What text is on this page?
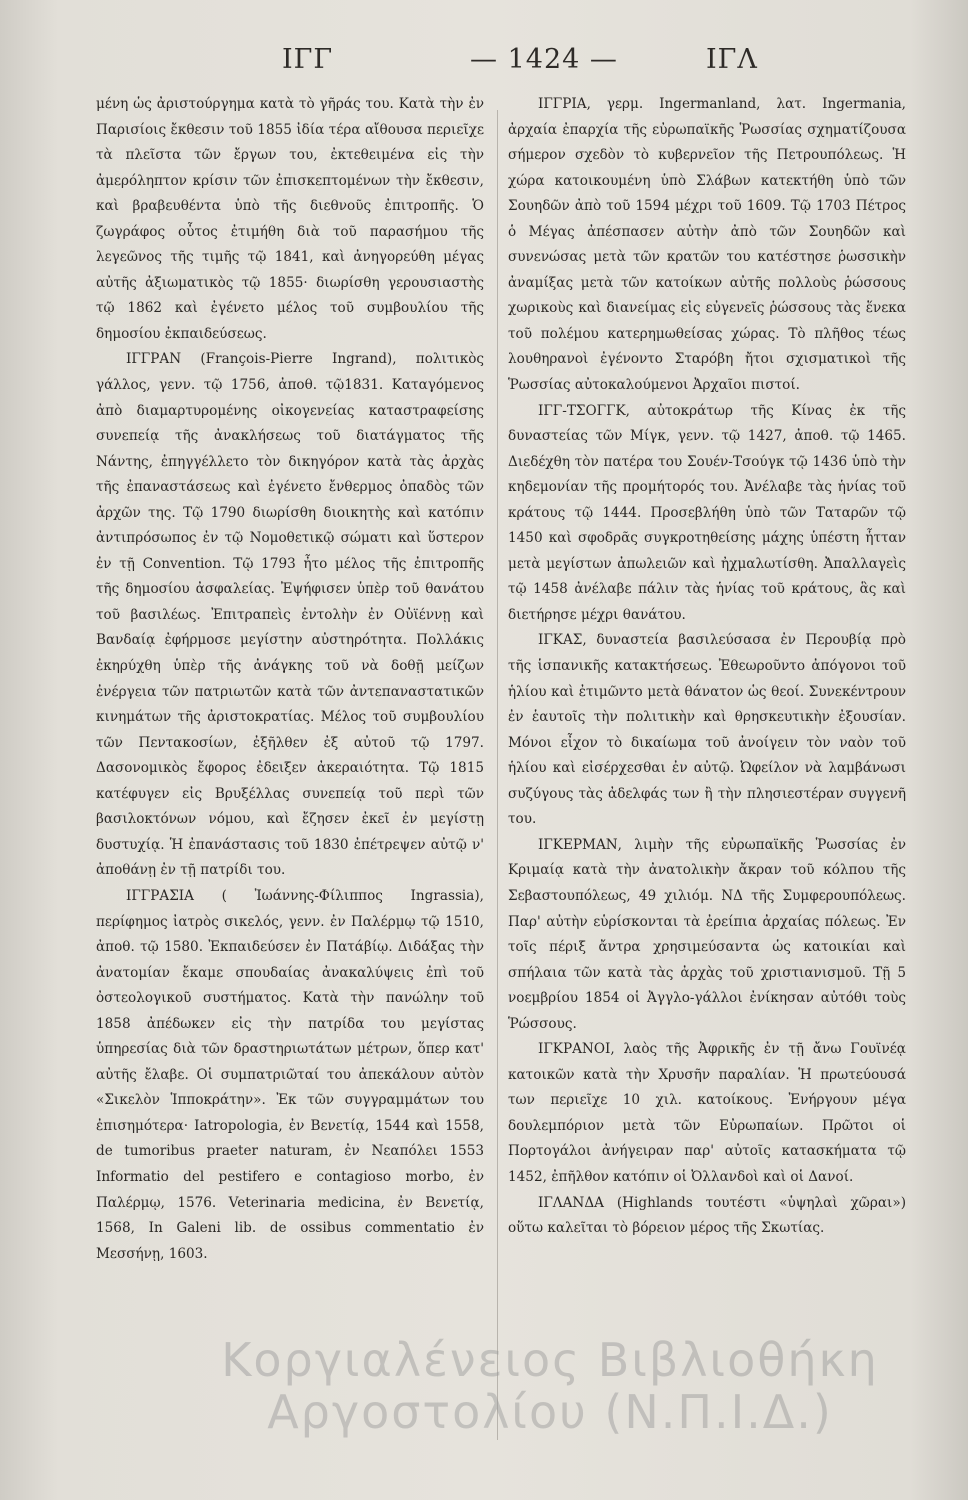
ΙΓΓ	— 1424 —	ΙΓΛ

μένη ὡς ἀριστούργημα κατὰ τὸ γῆράς του. Κατὰ τὴν ἐν Παρισίοις ἔκθεσιν τοῦ 1855 ἰδία τέρα αἴθουσα περιεῖχε τὰ πλεῖστα τῶν ἔργων του, ἐκτεθειμένα εἰς τὴν ἀμερόληπτον κρίσιν τῶν ἐπισκεπτομένων τὴν ἔκθεσιν, καὶ βραβευθέντα ὑπὸ τῆς διεθνοῦς ἐπιτροπῆς. Ὁ ζωγράφος οὗτος ἐτιμήθη διὰ τοῦ παρασήμου τῆς λεγεῶνος τῆς τιμῆς τῷ 1841, καὶ ἀνηγορεύθη μέγας αὐτῆς ἀξιωματικὸς τῷ 1855· διωρίσθη γερουσιαστὴς τῷ 1862 καὶ ἐγένετο μέλος τοῦ συμβουλίου τῆς δημοσίου ἐκπαιδεύσεως.

ΙΓΓΡΑΝ (François-Pierre Ingrand), πολιτικὸς γάλλος, γενν. τῷ 1756, ἀποθ. τῷ1831. Καταγόμενος ἀπὸ διαμαρτυρομένης οἰκογενείας καταστραφείσης συνεπείᾳ τῆς ἀνακλήσεως τοῦ διατάγματος τῆς Νάντης, ἐπηγγέλλετο τὸν δικηγόρον κατὰ τὰς ἀρχὰς τῆς ἐπαναστάσεως καὶ ἐγένετο ἔνθερμος ὀπαδὸς τῶν ἀρχῶν της. Τῷ 1790 διωρίσθη διοικητὴς καὶ κατόπιν ἀντιπρόσωπος ἐν τῷ Νομοθετικῷ σώματι καὶ ὕστερον ἐν τῇ Convention. Τῷ 1793 ἦτο μέλος τῆς ἐπιτροπῆς τῆς δημοσίου ἀσφαλείας. Ἐψήφισεν ὑπὲρ τοῦ θανάτου τοῦ βασιλέως. Ἐπιτραπεὶς ἐντολὴν ἐν Οὐϊέννῃ καὶ Βανδαίᾳ ἐφήρμοσε μεγίστην αὐστηρότητα. Πολλάκις ἐκηρύχθη ὑπὲρ τῆς ἀνάγκης τοῦ νὰ δοθῇ μείζων ἐνέργεια τῶν πατριωτῶν κατὰ τῶν ἀντεπαναστατικῶν κινημάτων τῆς ἀριστοκρατίας. Μέλος τοῦ συμβουλίου τῶν Πεντακοσίων, ἐξῆλθεν ἐξ αὐτοῦ τῷ 1797. Δασονομικὸς ἔφορος ἐδειξεν ἀκεραιότητα. Τῷ 1815 κατέφυγεν εἰς Βρυξέλλας συνεπείᾳ τοῦ περὶ τῶν βασιλοκτόνων νόμου, καὶ ἔζησεν ἐκεῖ ἐν μεγίστῃ δυστυχίᾳ. Ἡ ἐπανάστασις τοῦ 1830 ἐπέτρεψεν αὐτῷ ν' ἀποθάνῃ ἐν τῇ πατρίδι του.

ΙΓΓΡΑΣΙΑ ( Ἰωάννης-Φίλιππος Ingrassia), περίφημος ἰατρὸς σικελός, γενν. ἐν Παλέρμῳ τῷ 1510, ἀποθ. τῷ 1580. Ἐκπαιδεύσεν ἐν Πατάβίῳ. Διδάξας τὴν ἀνατομίαν ἔκαμε σπουδαίας ἀνακαλύψεις ἐπὶ τοῦ ὀστεολογικοῦ συστήματος. Κατὰ τὴν πανώλην τοῦ 1858 ἀπέδωκεν εἰς τὴν πατρίδα του μεγίστας ὑπηρεσίας διὰ τῶν δραστηριωτάτων μέτρων, ὅπερ κατ' αὐτῆς ἔλαβε. Οἱ συμπατριῶταί του ἀπεκάλουν αὐτὸν «Σικελὸν Ἱπποκράτην». Ἐκ τῶν συγγραμμάτων του ἐπισημότερα· Iatropologia, ἐν Βενετίᾳ, 1544 καὶ 1558, de tumoribus praeter naturam, ἐν Νεαπόλει 1553 Informatio del pestifero e contagioso morbo, ἐν Παλέρμῳ, 1576. Veterinaria medicina, ἐν Βενετίᾳ, 1568, In Galeni lib. de ossibus commentatio ἐν Μεσσήνῃ, 1603.

ΙΓΓΡΙΑ, γερμ. Ingermanland, λατ. Ingermania, ἀρχαία ἐπαρχία τῆς εὐρωπαϊκῆς Ῥωσσίας σχηματίζουσα σήμερον σχεδὸν τὸ κυβερνεῖον τῆς Πετρουπόλεως. Ἡ χώρα κατοικουμένη ὑπὸ Σλάβων κατεκτήθη ὑπὸ τῶν Σουηδῶν ἀπὸ τοῦ 1594 μέχρι τοῦ 1609. Τῷ 1703 Πέτρος ὁ Μέγας ἀπέσπασεν αὐτὴν ἀπὸ τῶν Σουηδῶν καὶ συνενώσας μετὰ τῶν κρατῶν του κατέστησε ῥωσσικὴν ἀναμίξας μετὰ τῶν κατοίκων αὐτῆς πολλοὺς ῥώσσους χωρικοὺς καὶ διανείμας εἰς εὐγενεῖς ῥώσσους τὰς ἕνεκα τοῦ πολέμου κατερημωθείσας χώρας. Τὸ πλῆθος τέως λουθηρανοὶ ἐγένοντο Σταρόβη ἤτοι σχισματικοὶ τῆς Ῥωσσίας αὐτοκαλούμενοι Ἀρχαῖοι πιστοί.

ΙΓΓ-ΤΣΟΓΓΚ, αὐτοκράτωρ τῆς Κίνας ἐκ τῆς δυναστείας τῶν Μίγκ, γενν. τῷ 1427, ἀποθ. τῷ 1465. Διεδέχθη τὸν πατέρα του Σουέν-Τσούγκ τῷ 1436 ὑπὸ τὴν κηδεμονίαν τῆς προμήτορός του. Ἀνέλαβε τὰς ἡνίας τοῦ κράτους τῷ 1444. Προσεβλήθη ὑπὸ τῶν Ταταρῶν τῷ 1450 καὶ σφοδρᾶς συγκροτηθείσης μάχης ὑπέστη ἧτταν μετὰ μεγίστων ἀπωλειῶν καὶ ἠχμαλωτίσθη. Ἀπαλλαγεὶς τῷ 1458 ἀνέλαβε πάλιν τὰς ἡνίας τοῦ κράτους, ἃς καὶ διετήρησε μέχρι θανάτου.

ΙΓΚΑΣ, δυναστεία βασιλεύσασα ἐν Περουβίᾳ πρὸ τῆς ἱσπανικῆς κατακτήσεως. Ἐθεωροῦντο ἀπόγονοι τοῦ ἡλίου καὶ ἐτιμῶντο μετὰ θάνατον ὡς θεοί. Συνεκέντρουν ἐν ἑαυτοῖς τὴν πολιτικὴν καὶ θρησκευτικὴν ἐξουσίαν. Μόνοι εἶχον τὸ δικαίωμα τοῦ ἀνοίγειν τὸν ναὸν τοῦ ἡλίου καὶ εἰσέρχεσθαι ἐν αὐτῷ. Ὠφείλον νὰ λαμβάνωσι συζύγους τὰς ἀδελφάς των ἢ τὴν πλησιεστέραν συγγενῆ του.

ΙΓΚΕΡΜΑΝ, λιμὴν τῆς εὐρωπαϊκῆς Ῥωσσίας ἐν Κριμαίᾳ κατὰ τὴν ἀνατολικὴν ἄκραν τοῦ κόλπου τῆς Σεβαστουπόλεως, 49 χιλιόμ. ΝΔ τῆς Συμφερουπόλεως. Παρ' αὐτὴν εὑρίσκονται τὰ ἐρείπια ἀρχαίας πόλεως. Ἐν τοῖς πέριξ ἄντρα χρησιμεύσαντα ὡς κατοικίαι καὶ σπήλαια τῶν κατὰ τὰς ἀρχὰς τοῦ χριστιανισμοῦ. Τῇ 5 νοεμβρίου 1854 οἱ Ἀγγλο-γάλλοι ἐνίκησαν αὐτόθι τοὺς Ῥώσσους.

ΙΓΚΡΑΝΟΙ, λαὸς τῆς Ἀφρικῆς ἐν τῇ ἄνω Γουϊνέᾳ κατοικῶν κατὰ τὴν Χρυσῆν παραλίαν. Ἡ πρωτεύουσά των περιεῖχε 10 χιλ. κατοίκους. Ἐνήργουν μέγα δουλεμπόριον μετὰ τῶν Εὐρωπαίων. Πρῶτοι οἱ Πορτογάλοι ἀνήγειραν παρ' αὐτοῖς κατασκήματα τῷ 1452, ἐπῆλθον κατόπιν οἱ Ὀλλανδοὶ καὶ οἱ Δανοί.

ΙΓΛΑΝΔΑ (Highlands τουτέστι «ὑψηλαὶ χῶραι») οὕτω καλεῖται τὸ βόρειον μέρος τῆς Σκωτίας.

Κοργιαλένειος Βιβλιοθήκη
Αργοστολίου (Ν.Π.Ι.Δ.)
